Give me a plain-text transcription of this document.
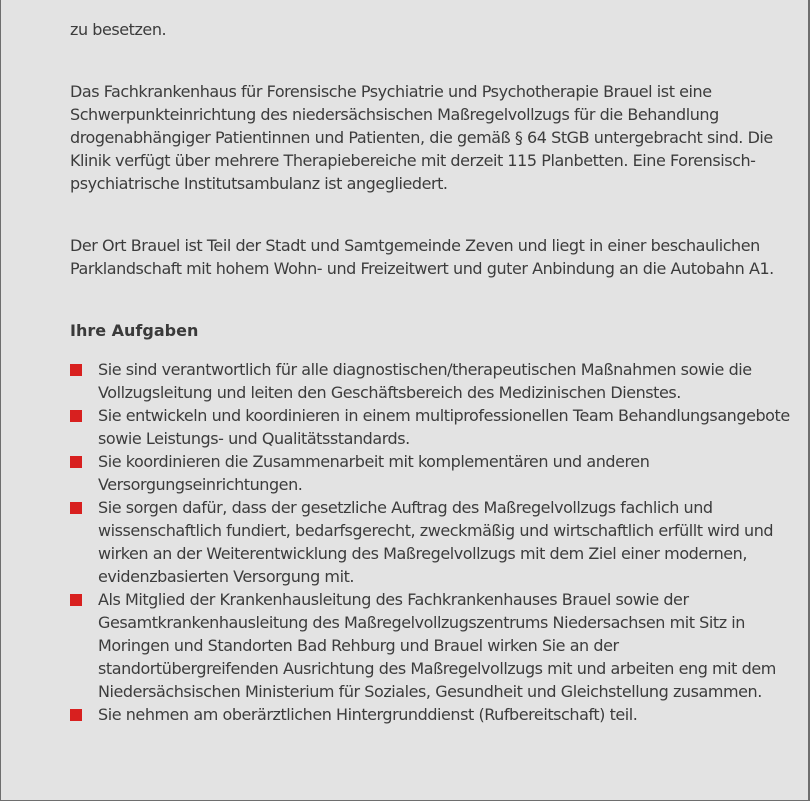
zu besetzen.

Das Fachkrankenhaus für Forensische Psychiatrie und Psychotherapie Brauel ist eine Schwerpunkteinrichtung des niedersächsischen Maßregelvollzugs für die Behandlung drogenabhängiger Patientinnen und Patienten, die gemäß § 64 StGB untergebracht sind. Die Klinik verfügt über mehrere Therapiebereiche mit derzeit 115 Planbetten. Eine Forensisch-psychiatrische Institutsambulanz ist angegliedert.

Der Ort Brauel ist Teil der Stadt und Samtgemeinde Zeven und liegt in einer beschaulichen Parklandschaft mit hohem Wohn- und Freizeitwert und guter Anbindung an die Autobahn A1.

Ihre Aufgaben
Sie sind verantwortlich für alle diagnostischen/therapeutischen Maßnahmen sowie die Vollzugsleitung und leiten den Geschäftsbereich des Medizinischen Dienstes.
Sie entwickeln und koordinieren in einem multiprofessionellen Team Behandlungsangebote sowie Leistungs- und Qualitätsstandards.
Sie koordinieren die Zusammenarbeit mit komplementären und anderen Versorgungseinrichtungen.
Sie sorgen dafür, dass der gesetzliche Auftrag des Maßregelvollzugs fachlich und wissenschaftlich fundiert, bedarfsgerecht, zweckmäßig und wirtschaftlich erfüllt wird und wirken an der Weiterentwicklung des Maßregelvollzugs mit dem Ziel einer modernen, evidenzbasierten Versorgung mit.
Als Mitglied der Krankenhausleitung des Fachkrankenhauses Brauel sowie der Gesamtkrankenhausleitung des Maßregelvollzugszentrums Niedersachsen mit Sitz in Moringen und Standorten Bad Rehburg und Brauel wirken Sie an der standortübergreifenden Ausrichtung des Maßregelvollzugs mit und arbeiten eng mit dem Niedersächsischen Ministerium für Soziales, Gesundheit und Gleichstellung zusammen.
Sie nehmen am oberärztlichen Hintergrunddienst (Rufbereitschaft) teil.
